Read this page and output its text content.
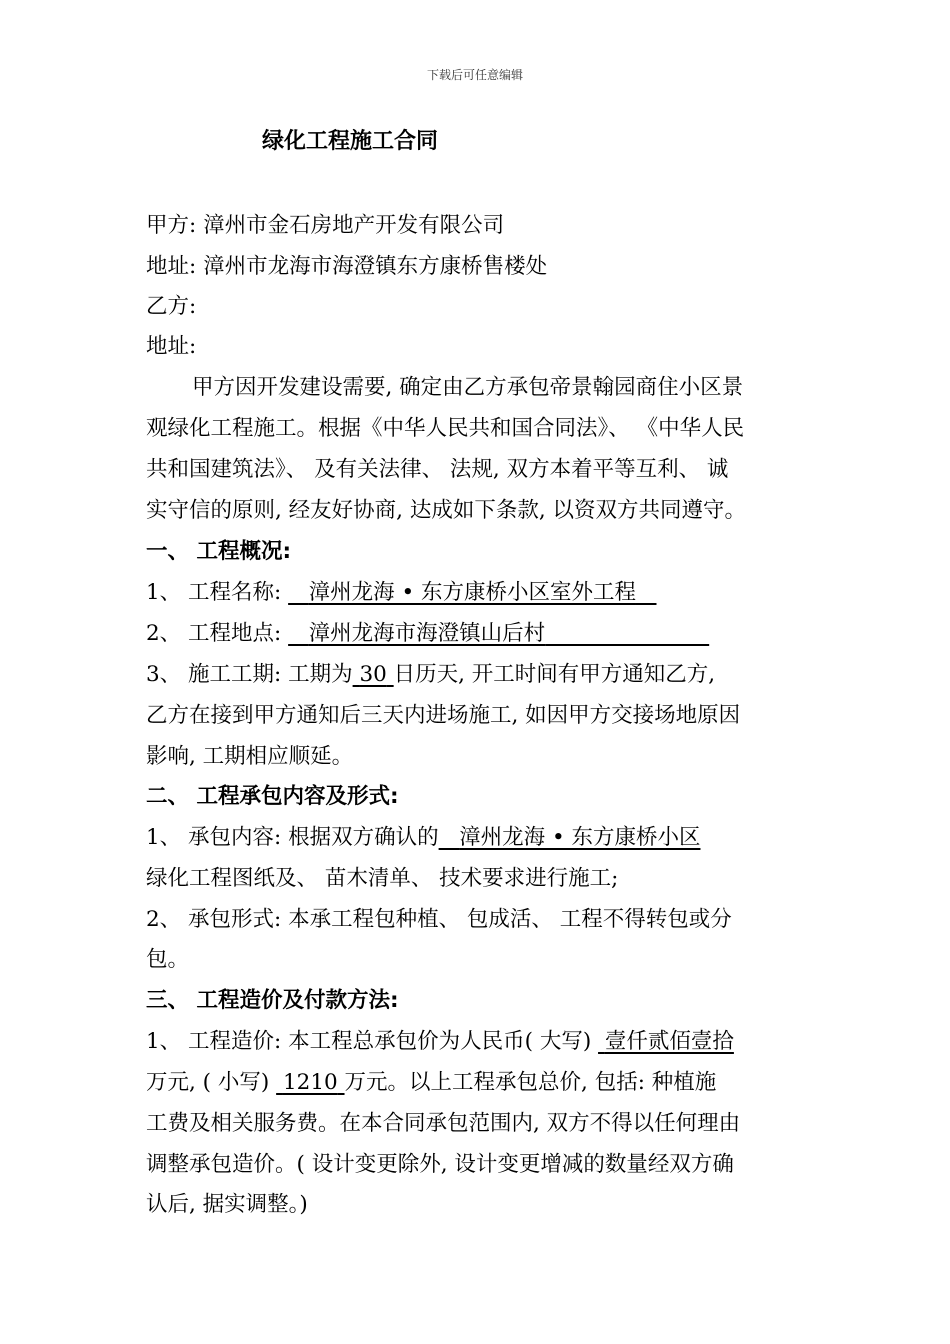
下载后可任意编辑
绿化工程施工合同
甲方: 漳州市金石房地产开发有限公司
地址: 漳州市龙海市海澄镇东方康桥售楼处
乙方:
地址:
甲方因开发建设需要, 确定由乙方承包帝景翰园商住小区景
观绿化工程施工。根据《中华人民共和国合同法》、 《中华人民
共和国建筑法》、 及有关法律、 法规, 双方本着平等互利、 诚
实守信的原则, 经友好协商, 达成如下条款, 以资双方共同遵守。
一、 工程概况:
1、 工程名称: 漳州龙海 • 东方康桥小区室外工程
2、 工程地点: 漳州龙海市海澄镇山后村
3、 施工工期: 工期为 30 日历天, 开工时间有甲方通知乙方,
乙方在接到甲方通知后三天内进场施工, 如因甲方交接场地原因
影响, 工期相应顺延。
二、 工程承包内容及形式:
1、 承包内容: 根据双方确认的 漳州龙海 • 东方康桥小区
绿化工程图纸及、 苗木清单、 技术要求进行施工;
2、 承包形式: 本承工程包种植、 包成活、 工程不得转包或分
包。
三、 工程造价及付款方法:
1、 工程造价: 本工程总承包价为人民币( 大写) 壹仟贰佰壹拾
万元, ( 小写) 1210 万元。以上工程承包总价, 包括: 种植施
工费及相关服务费。在本合同承包范围内, 双方不得以任何理由
调整承包造价。( 设计变更除外, 设计变更增减的数量经双方确
认后, 据实调整。)
